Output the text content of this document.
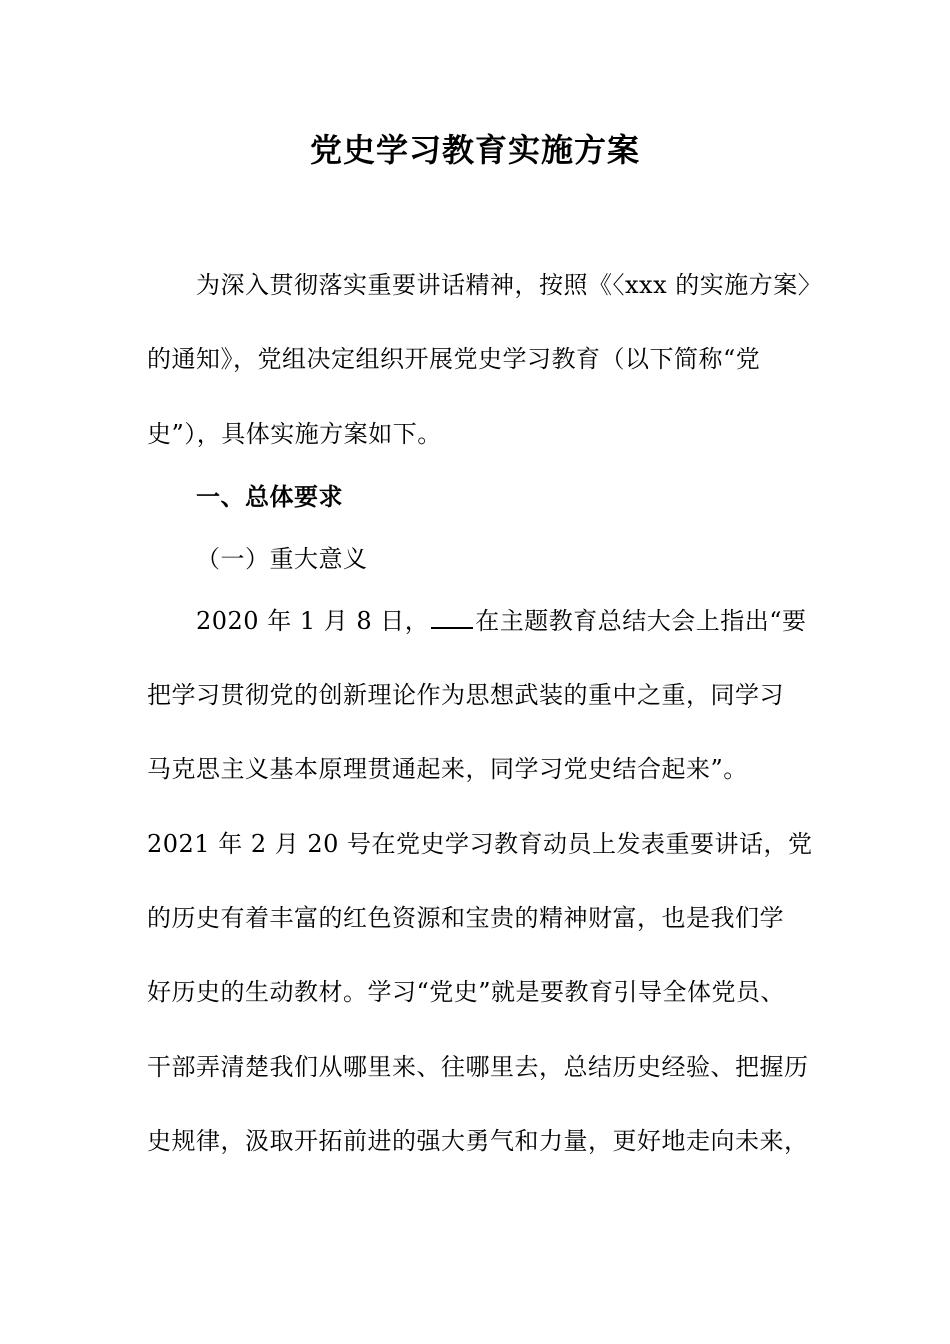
党史学习教育实施方案
为深入贯彻落实重要讲话精神，按照《〈xxx 的实施方案〉
的通知》，党组决定组织开展党史学习教育（以下简称“党
史”），具体实施方案如下。
一、总体要求
（一）重大意义
2020 年 1 月 8 日， 在主题教育总结大会上指出“要
把学习贯彻党的创新理论作为思想武装的重中之重，同学习
马克思主义基本原理贯通起来，同学习党史结合起来”。
2021 年 2 月 20 号在党史学习教育动员上发表重要讲话，党
的历史有着丰富的红色资源和宝贵的精神财富，也是我们学
好历史的生动教材。学习“党史”就是要教育引导全体党员、
干部弄清楚我们从哪里来、往哪里去，总结历史经验、把握历
史规律，汲取开拓前进的强大勇气和力量，更好地走向未来，
